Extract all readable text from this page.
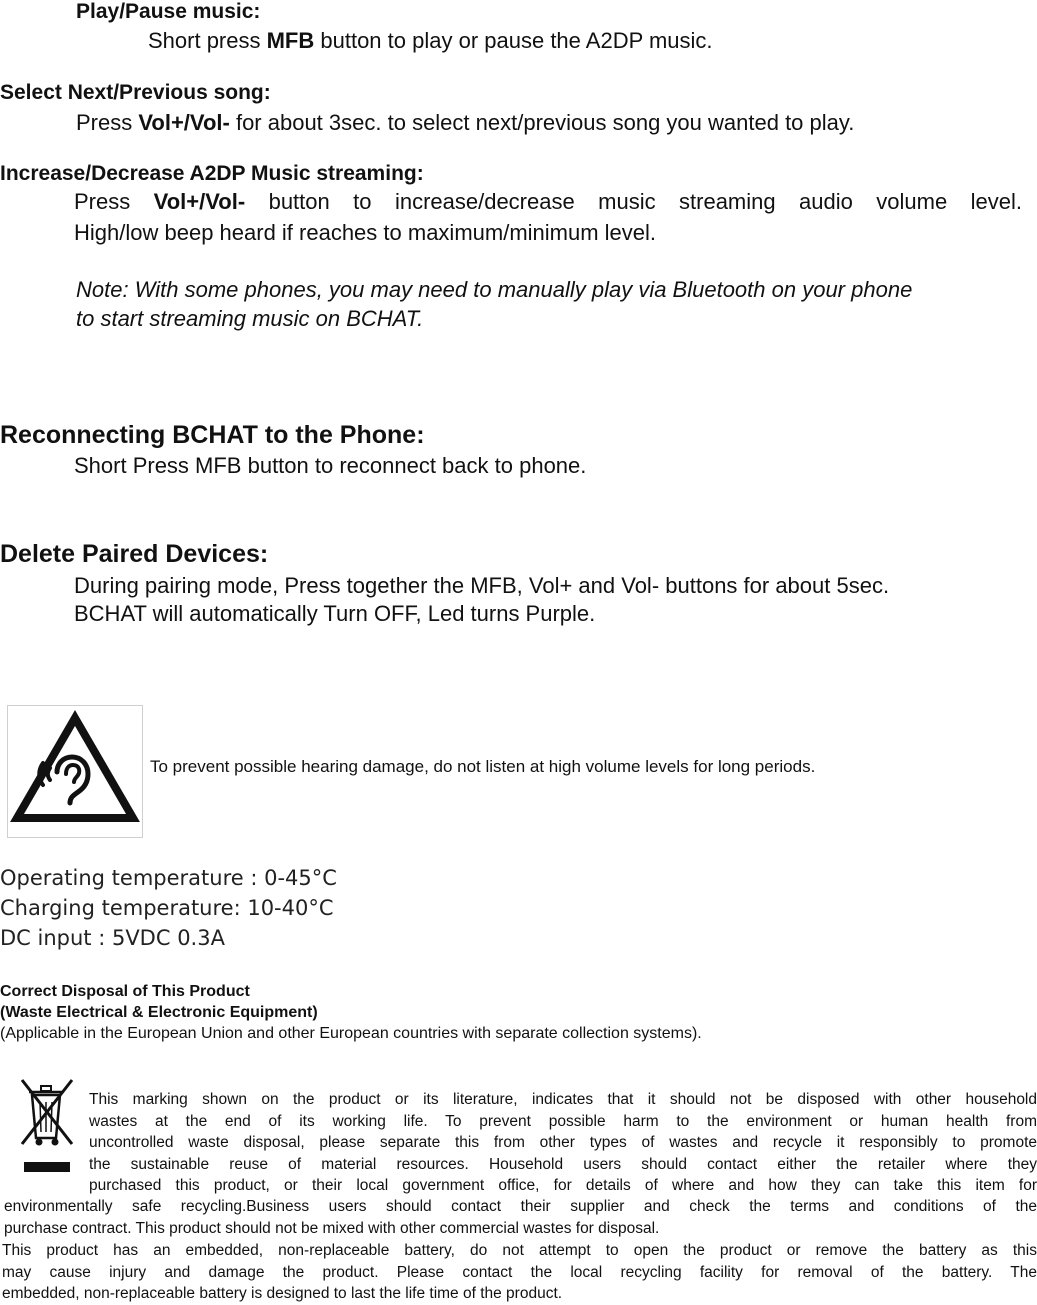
Play/Pause music:
Short press MFB button to play or pause the A2DP music.
Select Next/Previous song:
Press Vol+/Vol- for about 3sec. to select next/previous song you wanted to play.
Increase/Decrease A2DP Music streaming:
Press Vol+/Vol- button to increase/decrease music streaming audio volume level.
High/low beep heard if reaches to maximum/minimum level.
Note: With some phones, you may need to manually play via Bluetooth on your phone
to start streaming music on BCHAT.
Reconnecting BCHAT to the Phone:
Short Press MFB button to reconnect back to phone.
Delete Paired Devices:
During pairing mode, Press together the MFB, Vol+ and Vol- buttons for about 5sec.
BCHAT will automatically Turn OFF, Led turns Purple.
To prevent possible hearing damage, do not listen at high volume levels for long periods.
Operating temperature : 0-45°C
Charging temperature: 10-40°C
DC input : 5VDC 0.3A
Correct Disposal of This Product
(Waste Electrical & Electronic Equipment)
(Applicable in the European Union and other European countries with separate collection systems).
This marking shown on the product or its literature, indicates that it should not be disposed with other household
wastes at the end of its working life. To prevent possible harm to the environment or human health from
uncontrolled waste disposal, please separate this from other types of wastes and recycle it responsibly to promote
the sustainable reuse of material resources. Household users should contact either the retailer where they
purchased this product, or their local government office, for details of where and how they can take this item for
environmentally safe recycling.Business users should contact their supplier and check the terms and conditions of the
purchase contract. This product should not be mixed with other commercial wastes for disposal.
This product has an embedded, non-replaceable battery, do not attempt to open the product or remove the battery as this
may cause injury and damage the product. Please contact the local recycling facility for removal of the battery. The
embedded, non-replaceable battery is designed to last the life time of the product.
